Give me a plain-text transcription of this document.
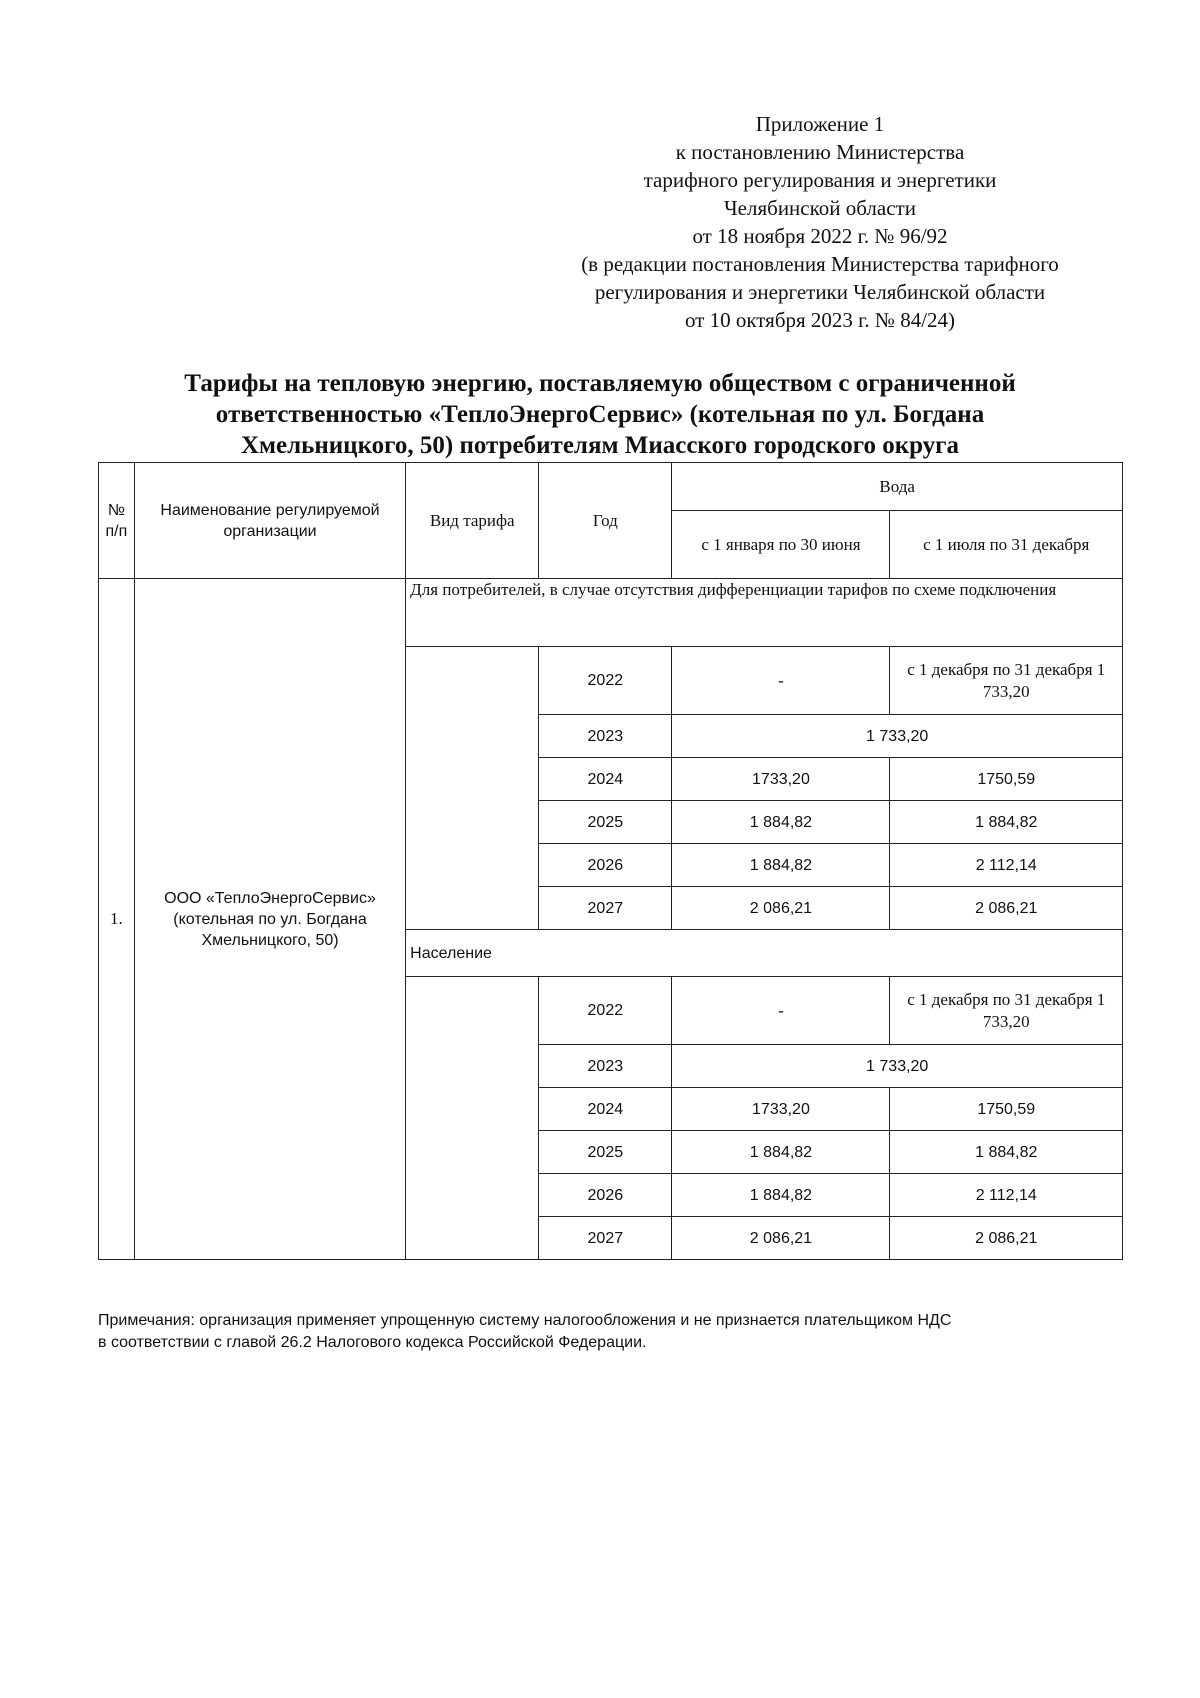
Приложение 1
к постановлению Министерства
тарифного регулирования и энергетики
Челябинской области
от 18 ноября 2022 г. № 96/92
(в редакции постановления Министерства тарифного
регулирования и энергетики Челябинской области
от 10 октября 2023 г. № 84/24)
Тарифы на тепловую энергию, поставляемую обществом с ограниченной
ответственностью «ТеплоЭнергоСервис» (котельная по ул. Богдана
Хмельницкого, 50) потребителям Миасского городского округа
№ п/п	Наименование регулируемой организации	Вид тарифа	Год	Вода	
				с 1 января по 30 июня	с 1 июля по 31 декабря
1.	ООО «ТеплоЭнергоСервис» (котельная по ул. Богдана Хмельницкого, 50)	Для потребителей, в случае отсутствия дифференциации тарифов по схеме подключения			
			2022	-	с 1 декабря по 31 декабря 1 733,20
			2023	1 733,20	
			2024	1733,20	1750,59
			2025	1 884,82	1 884,82
			2026	1 884,82	2 112,14
			2027	2 086,21	2 086,21
		Население			
			2022	-	с 1 декабря по 31 декабря 1 733,20
			2023	1 733,20	
			2024	1733,20	1750,59
			2025	1 884,82	1 884,82
			2026	1 884,82	2 112,14
			2027	2 086,21	2 086,21
Примечания: организация применяет упрощенную систему налогообложения и не признается плательщиком НДС
в соответствии с главой 26.2 Налогового кодекса Российской Федерации.
